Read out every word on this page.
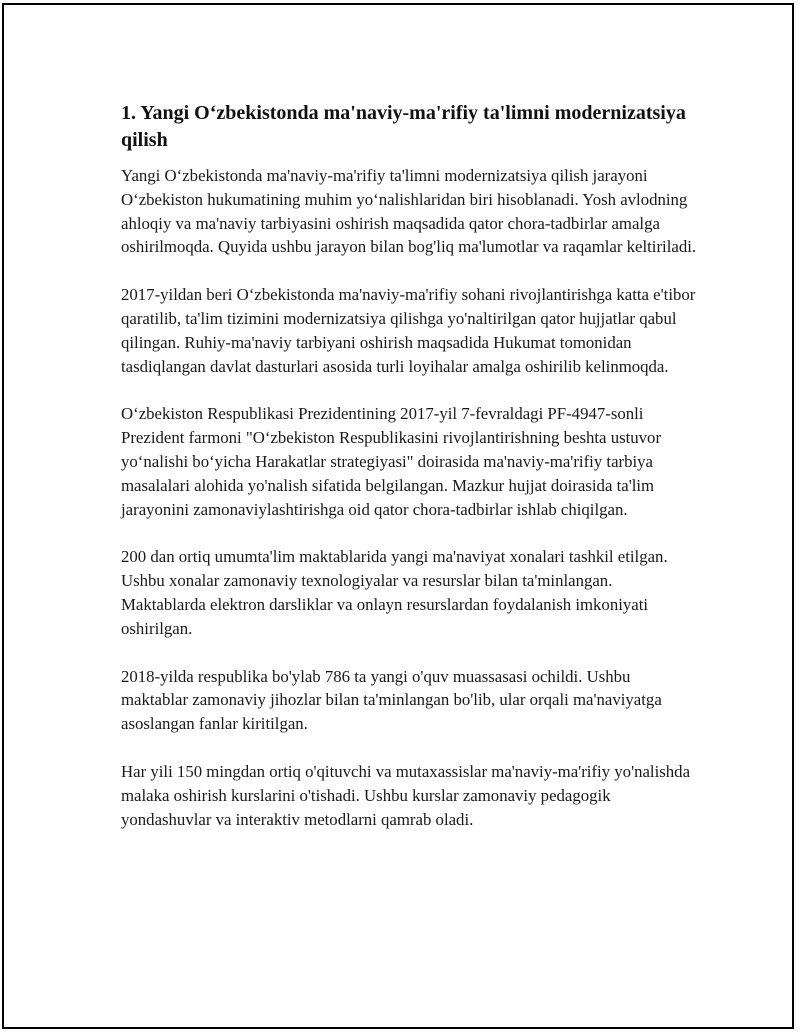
1. Yangi O‘zbekistonda ma'naviy-ma'rifiy ta'limni modernizatsiya qilish

Yangi O‘zbekistonda ma'naviy-ma'rifiy ta'limni modernizatsiya qilish jarayoni O‘zbekiston hukumatining muhim yo‘nalishlaridan biri hisoblanadi. Yosh avlodning ahloqiy va ma'naviy tarbiyasini oshirish maqsadida qator chora-tadbirlar amalga oshirilmoqda. Quyida ushbu jarayon bilan bog'liq ma'lumotlar va raqamlar keltiriladi.

2017-yildan beri O‘zbekistonda ma'naviy-ma'rifiy sohani rivojlantirishga katta e'tibor qaratilib, ta'lim tizimini modernizatsiya qilishga yo'naltirilgan qator hujjatlar qabul qilingan. Ruhiy-ma'naviy tarbiyani oshirish maqsadida Hukumat tomonidan tasdiqlangan davlat dasturlari asosida turli loyihalar amalga oshirilib kelinmoqda.

O‘zbekiston Respublikasi Prezidentining 2017-yil 7-fevraldagi PF-4947-sonli Prezident farmoni "O‘zbekiston Respublikasini rivojlantirishning beshta ustuvor yo‘nalishi bo‘yicha Harakatlar strategiyasi" doirasida ma'naviy-ma'rifiy tarbiya masalalari alohida yo'nalish sifatida belgilangan. Mazkur hujjat doirasida ta'lim jarayonini zamonaviylashtirishga oid qator chora-tadbirlar ishlab chiqilgan.

200 dan ortiq umumta'lim maktablarida yangi ma'naviyat xonalari tashkil etilgan. Ushbu xonalar zamonaviy texnologiyalar va resurslar bilan ta'minlangan. Maktablarda elektron darsliklar va onlayn resurslardan foydalanish imkoniyati oshirilgan.

2018-yilda respublika bo'ylab 786 ta yangi o'quv muassasasi ochildi. Ushbu maktablar zamonaviy jihozlar bilan ta'minlangan bo'lib, ular orqali ma'naviyatga asoslangan fanlar kiritilgan.

Har yili 150 mingdan ortiq o'qituvchi va mutaxassislar ma'naviy-ma'rifiy yo'nalishda malaka oshirish kurslarini o'tishadi. Ushbu kurslar zamonaviy pedagogik yondashuvlar va interaktiv metodlarni qamrab oladi.
